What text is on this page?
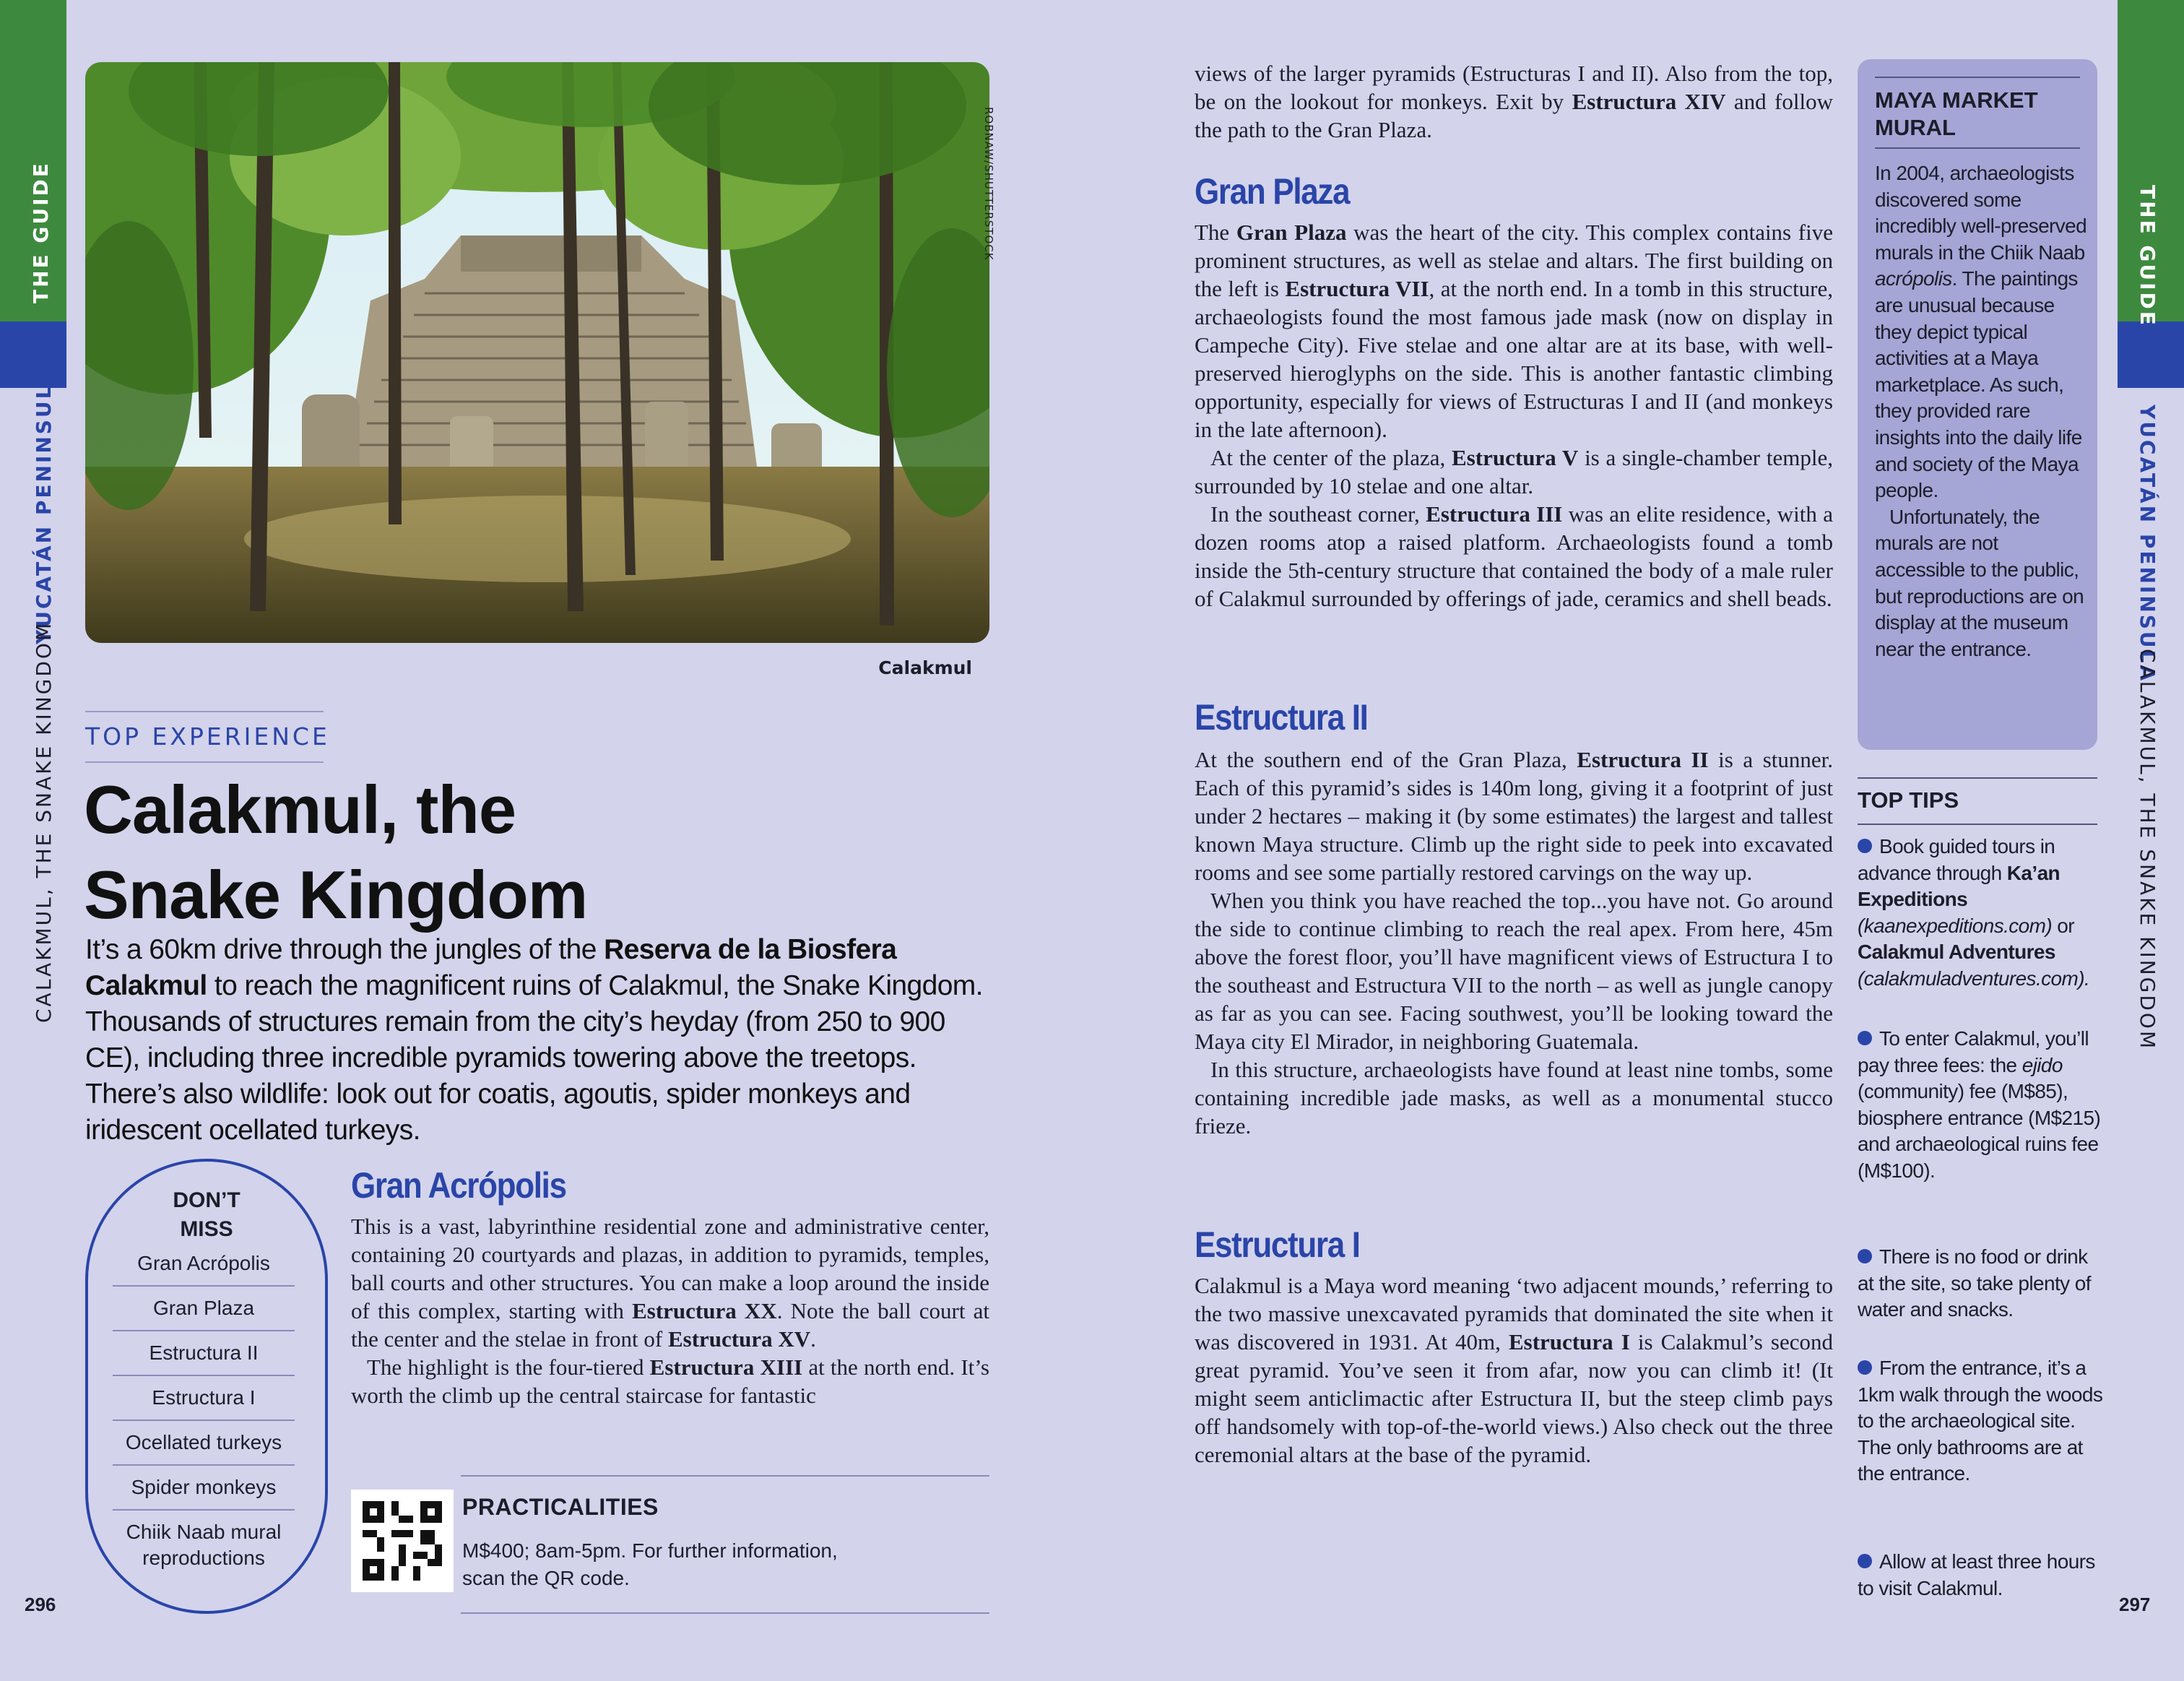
THE GUIDE
YUCATÁN PENINSULA
CALAKMUL, THE SNAKE KINGDOM
THE GUIDE
YUCATÁN PENINSULA
CALAKMUL, THE SNAKE KINGDOM
ROBNAW/SHUTTERSTOCK
Calakmul
TOP EXPERIENCE
Calakmul, the
Snake Kingdom
It’s a 60km drive through the jungles of the Reserva de la Biosfera Calakmul to reach the magnificent ruins of Calakmul, the Snake Kingdom. Thousands of structures remain from the city’s heyday (from 250 to 900 CE), including three incredible pyramids towering above the treetops. There’s also wildlife: look out for coatis, agoutis, spider monkeys and iridescent ocellated turkeys.
DON’T
MISS
Gran Acrópolis
Gran Plaza
Estructura II
Estructura I
Ocellated turkeys
Spider monkeys
Chiik Naab mural reproductions
Gran Acrópolis

This is a vast, labyrinthine residential zone and administrative center, containing 20 courtyards and plazas, in addition to pyramids, temples, ball courts and other structures. You can make a loop around the inside of this complex, starting with Estructura XX. Note the ball court at the center and the stelae in front of Estructura XV.

The highlight is the four-tiered Estructura XIII at the north end. It’s worth the climb up the central staircase for fantastic

PRACTICALITIES
M$400; 8am-5pm. For further information,
scan the QR code.
296

views of the larger pyramids (Estructuras I and II). Also from the top, be on the lookout for monkeys. Exit by Estructura XIV and follow the path to the Gran Plaza.

Gran Plaza

The Gran Plaza was the heart of the city. This complex contains five prominent structures, as well as stelae and altars. The first building on the left is Estructura VII, at the north end. In a tomb in this structure, archaeologists found the most famous jade mask (now on display in Campeche City). Five stelae and one altar are at its base, with well-preserved hieroglyphs on the side. This is another fantastic climbing opportunity, especially for views of Estructuras I and II (and monkeys in the late afternoon).

At the center of the plaza, Estructura V is a single-chamber temple, surrounded by 10 stelae and one altar.

In the southeast corner, Estructura III was an elite residence, with a dozen rooms atop a raised platform. Archaeologists found a tomb inside the 5th-century structure that contained the body of a male ruler of Calakmul surrounded by offerings of jade, ceramics and shell beads.

Estructura II

At the southern end of the Gran Plaza, Estructura II is a stunner. Each of this pyramid’s sides is 140m long, giving it a footprint of just under 2 hectares – making it (by some estimates) the largest and tallest known Maya structure. Climb up the right side to peek into excavated rooms and see some partially restored carvings on the way up.

When you think you have reached the top...you have not. Go around the side to continue climbing to reach the real apex. From here, 45m above the forest floor, you’ll have magnificent views of Estructura I to the southeast and Estructura VII to the north – as well as jungle canopy as far as you can see. Facing southwest, you’ll be looking toward the Maya city El Mirador, in neighboring Guatemala.

In this structure, archaeologists have found at least nine tombs, some containing incredible jade masks, as well as a monumental stucco frieze.

Estructura I

Calakmul is a Maya word meaning ‘two adjacent mounds,’ referring to the two massive unexcavated pyramids that dominated the site when it was discovered in 1931. At 40m, Estructura I is Calakmul’s second great pyramid. You’ve seen it from afar, now you can climb it! (It might seem anticlimactic after Estructura II, but the steep climb pays off handsomely with top-of-the-world views.) Also check out the three ceremonial altars at the base of the pyramid.

MAYA MARKET
MURAL

In 2004, archaeologists discovered some incredibly well-preserved murals in the Chiik Naab acrópolis. The paintings are unusual because they depict typical activities at a Maya marketplace. As such, they provided rare insights into the daily life and society of the Maya people.

Unfortunately, the murals are not accessible to the public, but reproductions are on display at the museum near the entrance.

TOP TIPS
Book guided tours in advance through Ka’an Expeditions
(kaanexpeditions.com) or
Calakmul Adventures
(calakmuladventures.com).
To enter Calakmul, you’ll pay three fees: the ejido (community) fee (M$85), biosphere entrance (M$215) and archaeological ruins fee (M$100).
There is no food or drink at the site, so take plenty of water and snacks.
From the entrance, it’s a 1km walk through the woods to the archaeological site. The only bathrooms are at the entrance.
Allow at least three hours to visit Calakmul.
297
